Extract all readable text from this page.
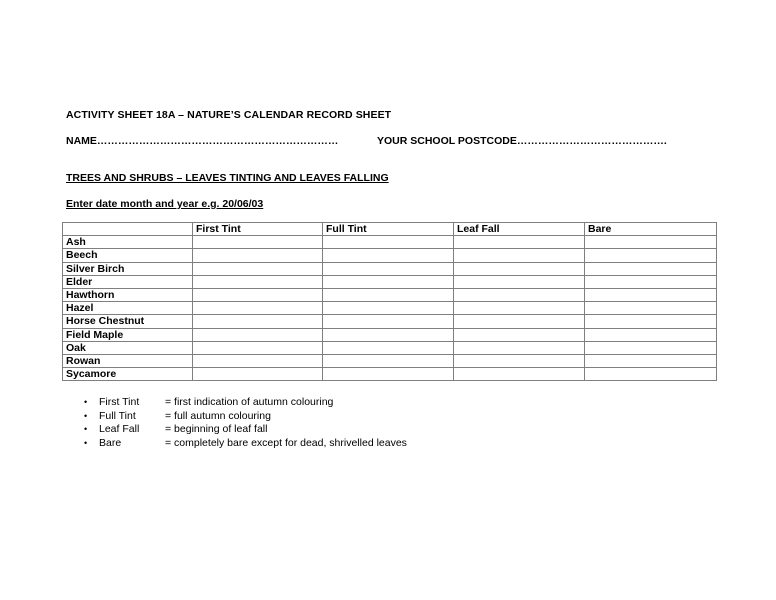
ACTIVITY SHEET 18A – NATURE’S CALENDAR RECORD SHEET
NAME……………………………………………………………	YOUR SCHOOL POSTCODE…………………………………….
TREES AND SHRUBS – LEAVES TINTING AND LEAVES FALLING
Enter date month and year e.g. 20/06/03
	First Tint	Full Tint	Leaf Fall	Bare
Ash				
Beech				
Silver Birch				
Elder				
Hawthorn				
Hazel				
Horse Chestnut				
Field Maple				
Oak				
Rowan				
Sycamore				
• First Tint = first indication of autumn colouring
• Full Tint	= full autumn colouring
• Leaf Fall = beginning of leaf fall
• Bare	= completely bare except for dead, shrivelled leaves
